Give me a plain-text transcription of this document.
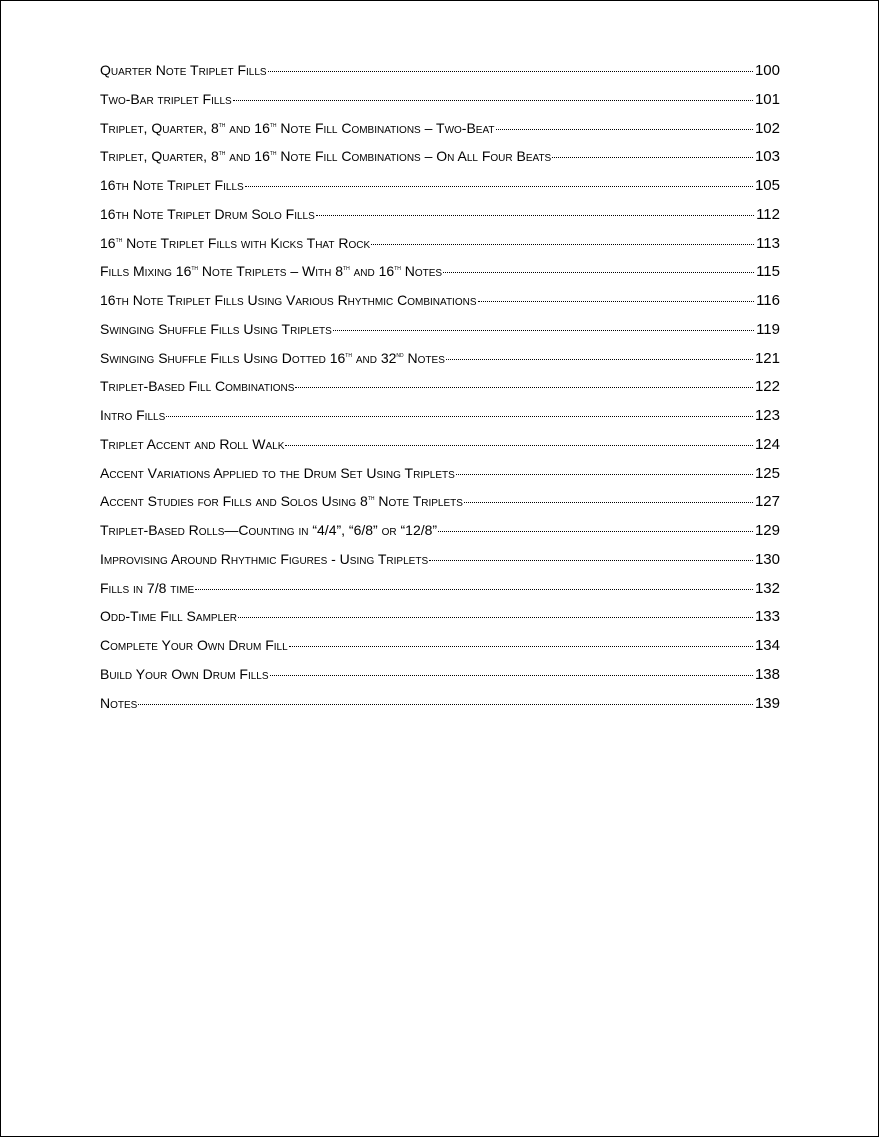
Quarter Note Triplet Fills	100
Two-Bar triplet Fills	101
Triplet, Quarter, 8th and 16th Note Fill Combinations – Two-Beat	102
Triplet, Quarter, 8th and 16th Note Fill Combinations – On All Four Beats	103
16th Note Triplet Fills	105
16th Note Triplet Drum Solo Fills	112
16th Note Triplet Fills with Kicks That Rock	113
Fills Mixing 16th Note Triplets – With 8th and 16th Notes	115
16th Note Triplet Fills Using Various Rhythmic Combinations	116
Swinging Shuffle Fills Using Triplets	119
Swinging Shuffle Fills Using Dotted 16th and 32nd Notes	121
Triplet-Based Fill Combinations	122
Intro Fills	123
Triplet Accent and Roll Walk	124
Accent Variations Applied to the Drum Set Using Triplets	125
Accent Studies for Fills and Solos Using 8th Note Triplets	127
Triplet-Based Rolls—Counting in “4/4”, “6/8” or “12/8”	129
Improvising Around Rhythmic Figures - Using Triplets	130
Fills in 7/8 time	132
Odd-Time Fill Sampler	133
Complete Your Own Drum Fill	134
Build Your Own Drum Fills	138
Notes	139
